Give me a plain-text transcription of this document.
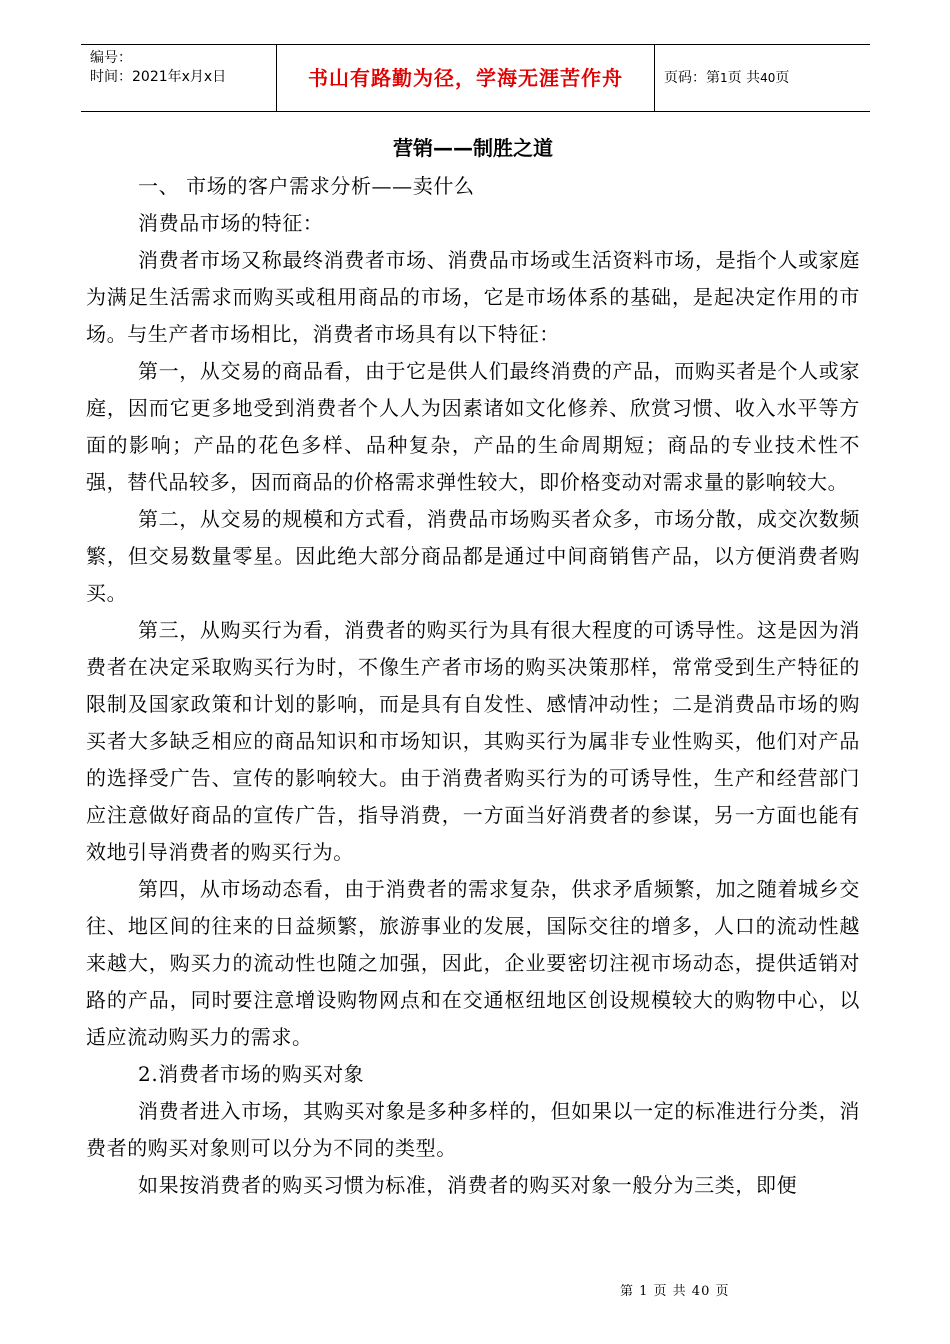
编号：
时间：2021年x月x日	书山有路勤为径，学海无涯苦作舟	页码：第1页 共40页
营销——制胜之道

一、 市场的客户需求分析——卖什么

消费品市场的特征：

消费者市场又称最终消费者市场、消费品市场或生活资料市场，是指个人或家庭为满足生活需求而购买或租用商品的市场，它是市场体系的基础，是起决定作用的市场。与生产者市场相比，消费者市场具有以下特征：

第一，从交易的商品看，由于它是供人们最终消费的产品，而购买者是个人或家庭，因而它更多地受到消费者个人人为因素诸如文化修养、欣赏习惯、收入水平等方面的影响；产品的花色多样、品种复杂，产品的生命周期短；商品的专业技术性不强，替代品较多，因而商品的价格需求弹性较大，即价格变动对需求量的影响较大。

第二，从交易的规模和方式看，消费品市场购买者众多，市场分散，成交次数频繁，但交易数量零星。因此绝大部分商品都是通过中间商销售产品，以方便消费者购买。

第三，从购买行为看，消费者的购买行为具有很大程度的可诱导性。这是因为消费者在决定采取购买行为时，不像生产者市场的购买决策那样，常常受到生产特征的限制及国家政策和计划的影响，而是具有自发性、感情冲动性；二是消费品市场的购买者大多缺乏相应的商品知识和市场知识，其购买行为属非专业性购买，他们对产品的选择受广告、宣传的影响较大。由于消费者购买行为的可诱导性，生产和经营部门应注意做好商品的宣传广告，指导消费，一方面当好消费者的参谋，另一方面也能有效地引导消费者的购买行为。

第四，从市场动态看，由于消费者的需求复杂，供求矛盾频繁，加之随着城乡交往、地区间的往来的日益频繁，旅游事业的发展，国际交往的增多，人口的流动性越来越大，购买力的流动性也随之加强，因此，企业要密切注视市场动态，提供适销对路的产品，同时要注意增设购物网点和在交通枢纽地区创设规模较大的购物中心，以适应流动购买力的需求。

2.消费者市场的购买对象

消费者进入市场，其购买对象是多种多样的，但如果以一定的标准进行分类，消费者的购买对象则可以分为不同的类型。

如果按消费者的购买习惯为标准，消费者的购买对象一般分为三类，即便

第 1 页 共 40 页
